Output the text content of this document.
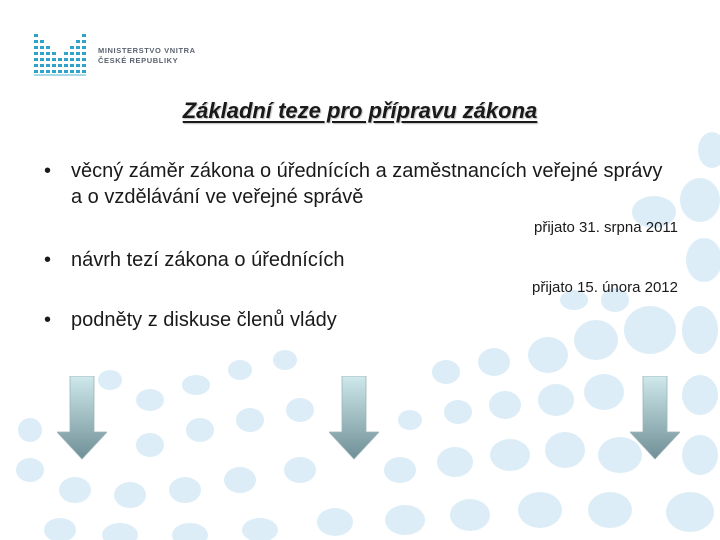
MINISTERSTVO VNITRA
ČESKÉ REPUBLIKY
Základní teze pro přípravu zákona
• věcný záměr zákona o úřednících a zaměstnancích veřejné správy a o vzdělávání ve veřejné správě
přijato 31. srpna 2011
• návrh tezí zákona o úřednících
přijato 15. února 2012
• podněty z diskuse členů vlády
